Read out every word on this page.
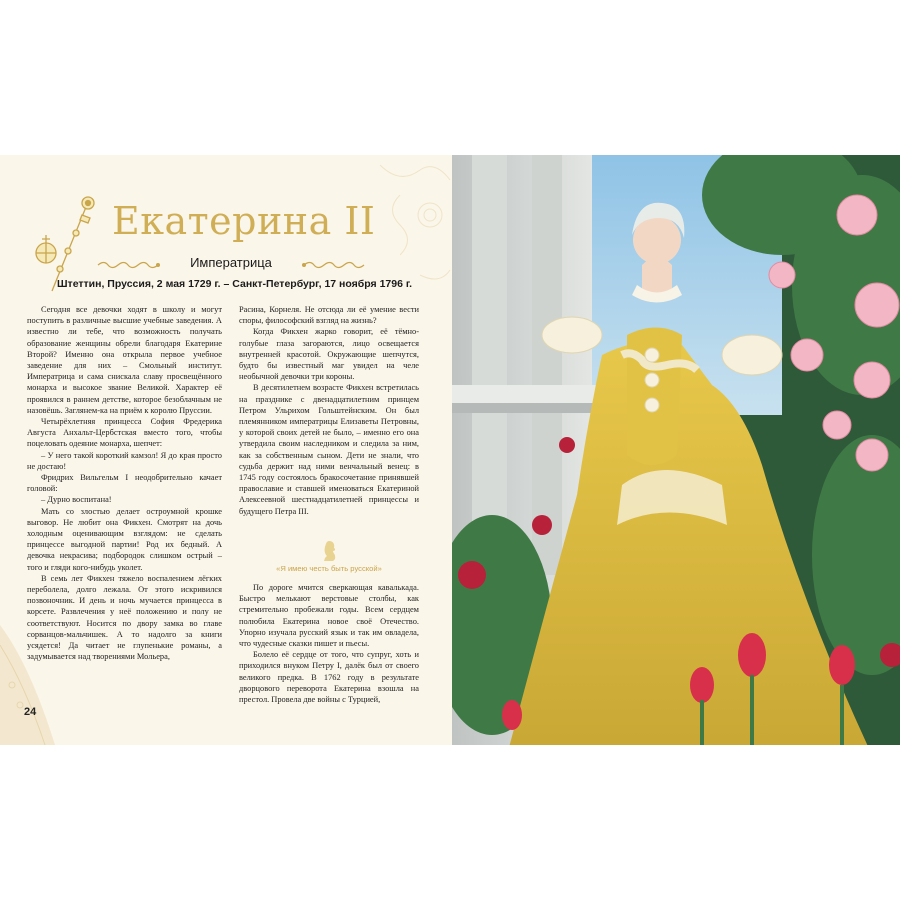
Екатерина II
Императрица
Штеттин, Пруссия, 2 мая 1729 г. – Санкт-Петербург, 17 ноября 1796 г.

Сегодня все девочки ходят в школу и могут поступить в различные высшие учебные заведения. А известно ли тебе, что возможность получать образование женщины обрели благодаря Екатерине Второй? Именно она открыла первое учебное заведение для них – Смольный институт. Императрица и сама снискала славу просвещённого монарха и высокое звание Великой. Характер её проявился в раннем детстве, которое безоблачным не назовёшь. Заглянем-ка на приём к королю Пруссии.

Четырёхлетняя принцесса София Фредерика Августа Анхальт-Цербстская вместо того, чтобы поцеловать одеяние монарха, шепчет:

– У него такой короткий камзол! Я до края просто не достаю!

Фридрих Вильгельм I неодобрительно качает головой:

– Дурно воспитана!

Мать со злостью делает остроумной крошке выговор. Не любит она Фикхен. Смотрят на дочь холодным оценивающим взглядом: не сделать принцессе выгодной партии! Род их бедный. А девочка некрасива; подбородок слишком острый – того и гляди кого-нибудь уколет.

В семь лет Фикхен тяжело воспалением лёгких переболела, долго лежала. От этого искривился позвоночник. И день и ночь мучается принцесса в корсете. Развлечения у неё положению и полу не соответствуют. Носится по двору замка во главе сорванцов-мальчишек. А то надолго за книги усядется! Да читает не глупенькие романы, а задумывается над творениями Мольера,

Расина, Корнеля. Не отсюда ли её умение вести споры, философский взгляд на жизнь?

Когда Фикхен жарко говорит, её тёмно-голубые глаза загораются, лицо освещается внутренней красотой. Окружающие шепчутся, будто бы известный маг увидел на челе необычной девочки три короны.

В десятилетнем возрасте Фикхен встретилась на празднике с двенадцатилетним принцем Петром Ульрихом Гольштейнским. Он был племянником императрицы Елизаветы Петровны, у которой своих детей не было, – именно его она утвердила своим наследником и следила за ним, как за собственным сыном. Дети не знали, что судьба держит над ними венчальный венец: в 1745 году состоялось бракосочетание принявшей православие и ставшей именоваться Екатериной Алексеевной шестнадцатилетней принцессы и будущего Петра III.

«Я имею честь быть русской»

По дороге мчится сверкающая кавалькада. Быстро мелькают верстовые столбы, как стремительно пробежали годы. Всем сердцем полюбила Екатерина новое своё Отечество. Упорно изучала русский язык и так им овладела, что чудесные сказки пишет и пьесы.

Болело её сердце от того, что супруг, хоть и приходился внуком Петру I, далёк был от своего великого предка. В 1762 году в результате дворцового переворота Екатерина взошла на престол. Провела две войны с Турцией,

24
